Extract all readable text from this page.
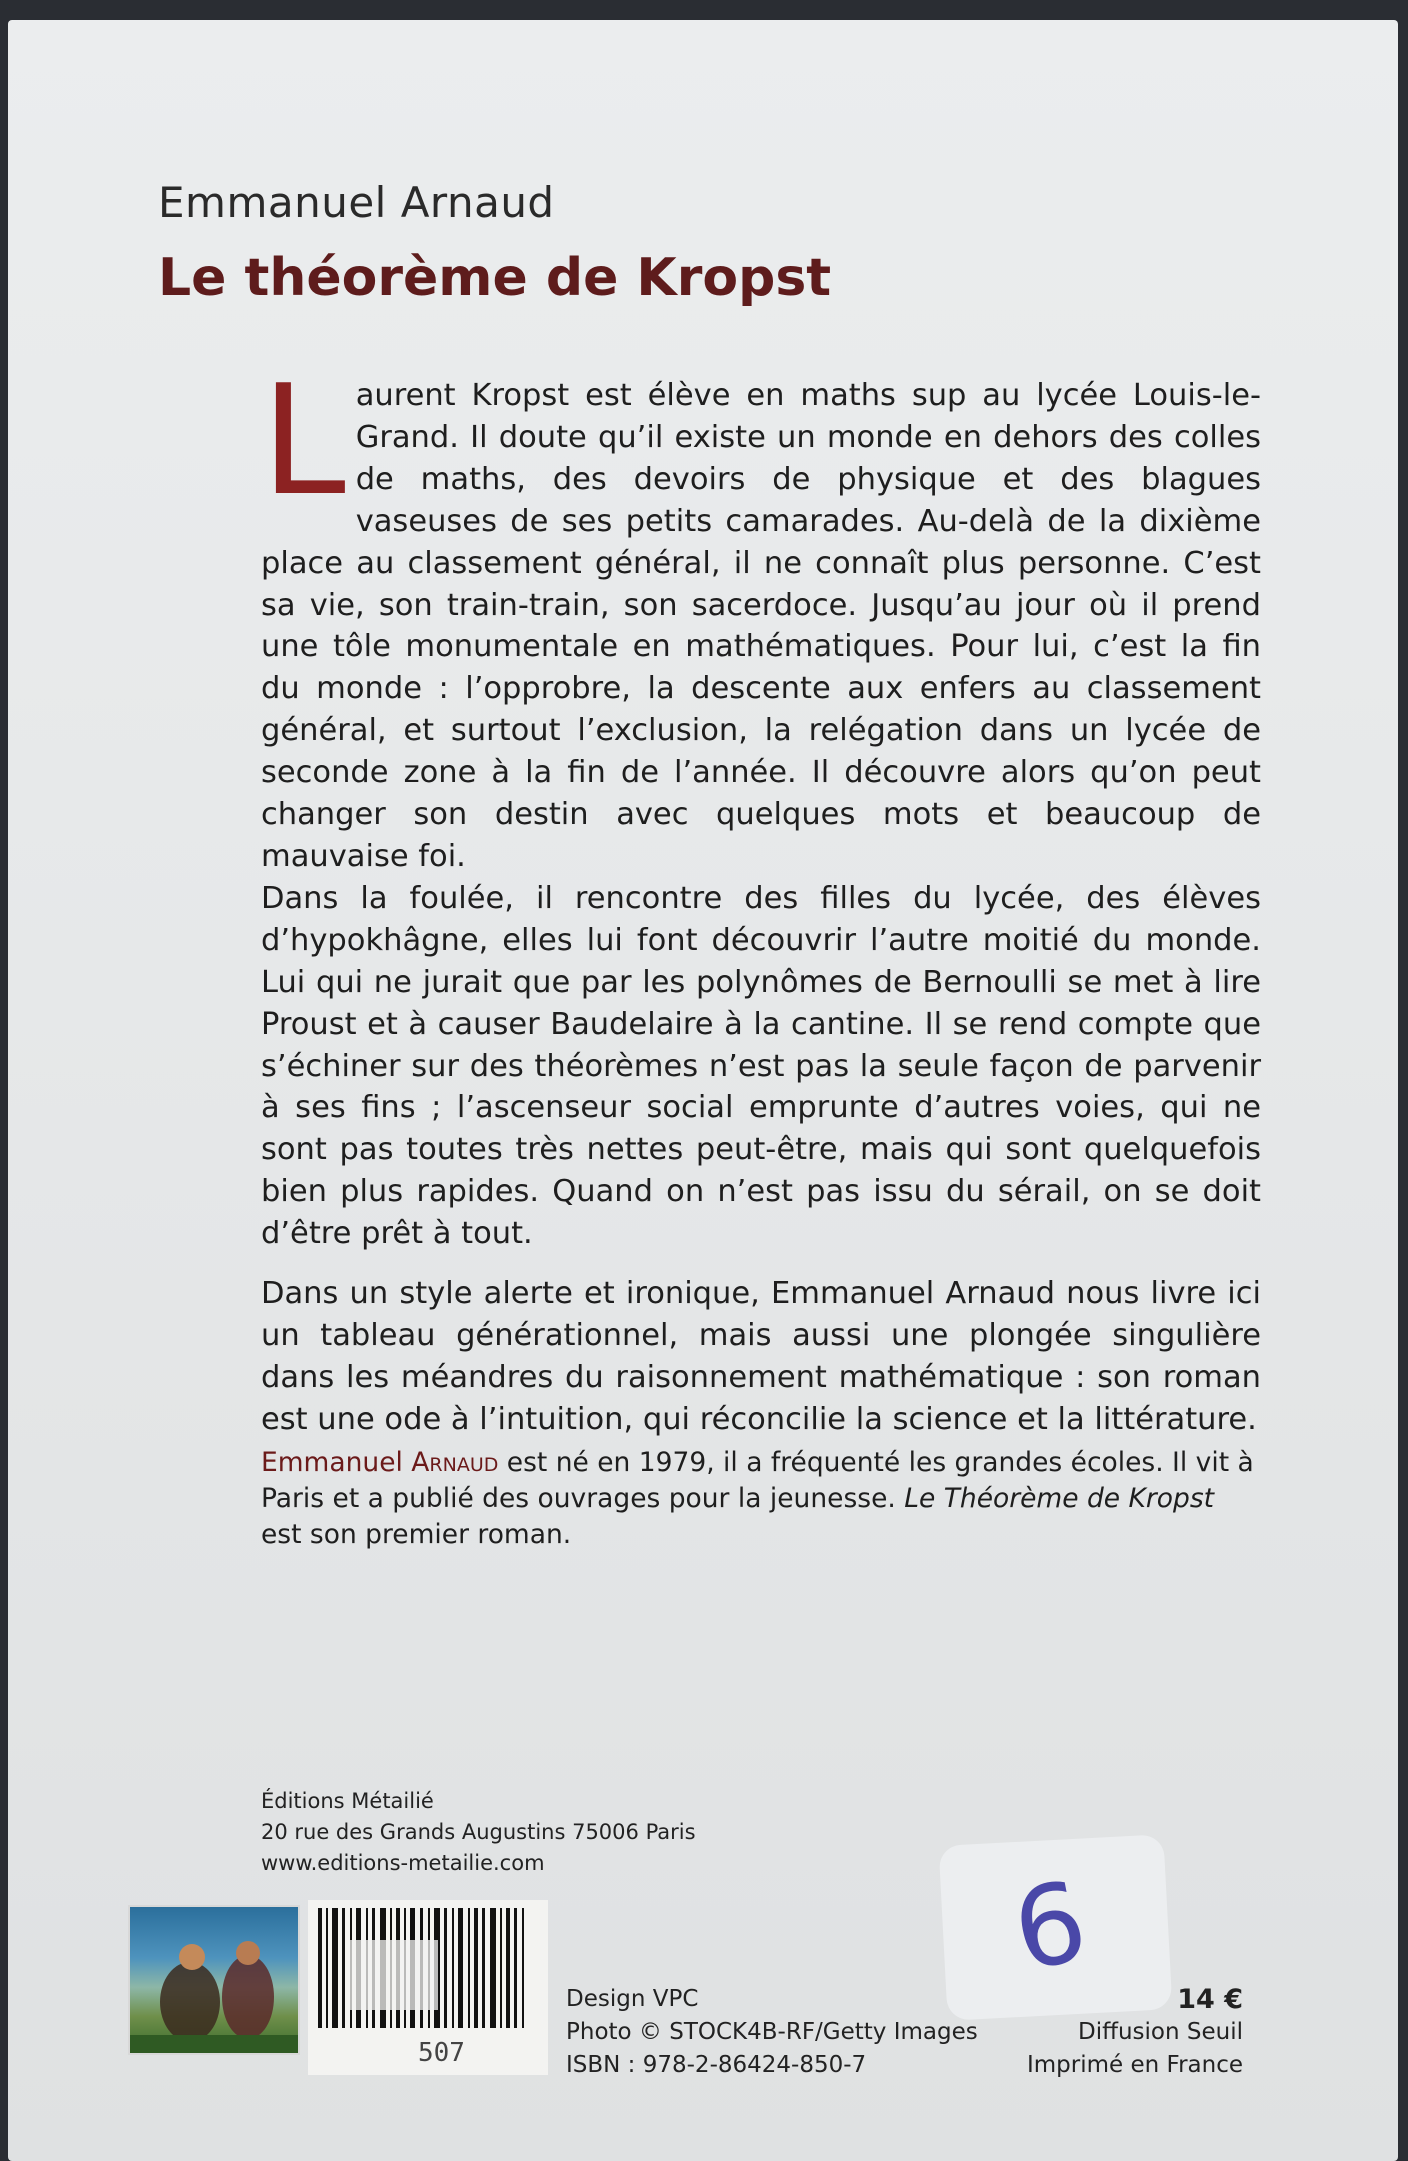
Emmanuel Arnaud
Le théorème de Kropst

Laurent Kropst est élève en maths sup au lycée Louis-le-Grand. Il doute qu’il existe un monde en dehors des colles de maths, des devoirs de physique et des blagues vaseuses de ses petits camarades. Au-delà de la dixième place au classement général, il ne connaît plus personne. C’est sa vie, son train-train, son sacerdoce. Jusqu’au jour où il prend une tôle monumentale en mathématiques. Pour lui, c’est la fin du monde : l’opprobre, la descente aux enfers au classement général, et surtout l’exclusion, la relégation dans un lycée de seconde zone à la fin de l’année. Il découvre alors qu’on peut changer son destin avec quelques mots et beaucoup de mauvaise foi.

Dans la foulée, il rencontre des filles du lycée, des élèves d’hypokhâgne, elles lui font découvrir l’autre moitié du monde. Lui qui ne jurait que par les polynômes de Bernoulli se met à lire Proust et à causer Baudelaire à la cantine. Il se rend compte que s’échiner sur des théorèmes n’est pas la seule façon de parvenir à ses fins ; l’ascenseur social emprunte d’autres voies, qui ne sont pas toutes très nettes peut-être, mais qui sont quelquefois bien plus rapides. Quand on n’est pas issu du sérail, on se doit d’être prêt à tout.

Dans un style alerte et ironique, Emmanuel Arnaud nous livre ici un tableau générationnel, mais aussi une plongée singulière dans les méandres du raisonnement mathématique : son roman est une ode à l’intuition, qui réconcilie la science et la littérature.

Emmanuel Arnaud est né en 1979, il a fréquenté les grandes écoles. Il vit à Paris et a publié des ouvrages pour la jeunesse. Le Théorème de Kropst est son premier roman.
Éditions Métailié
20 rue des Grands Augustins 75006 Paris
www.editions-metailie.com
507
Design VPC
Photo © STOCK4B-RF/Getty Images
ISBN : 978-2-86424-850-7
6
14 €
Diffusion Seuil
Imprimé en France
